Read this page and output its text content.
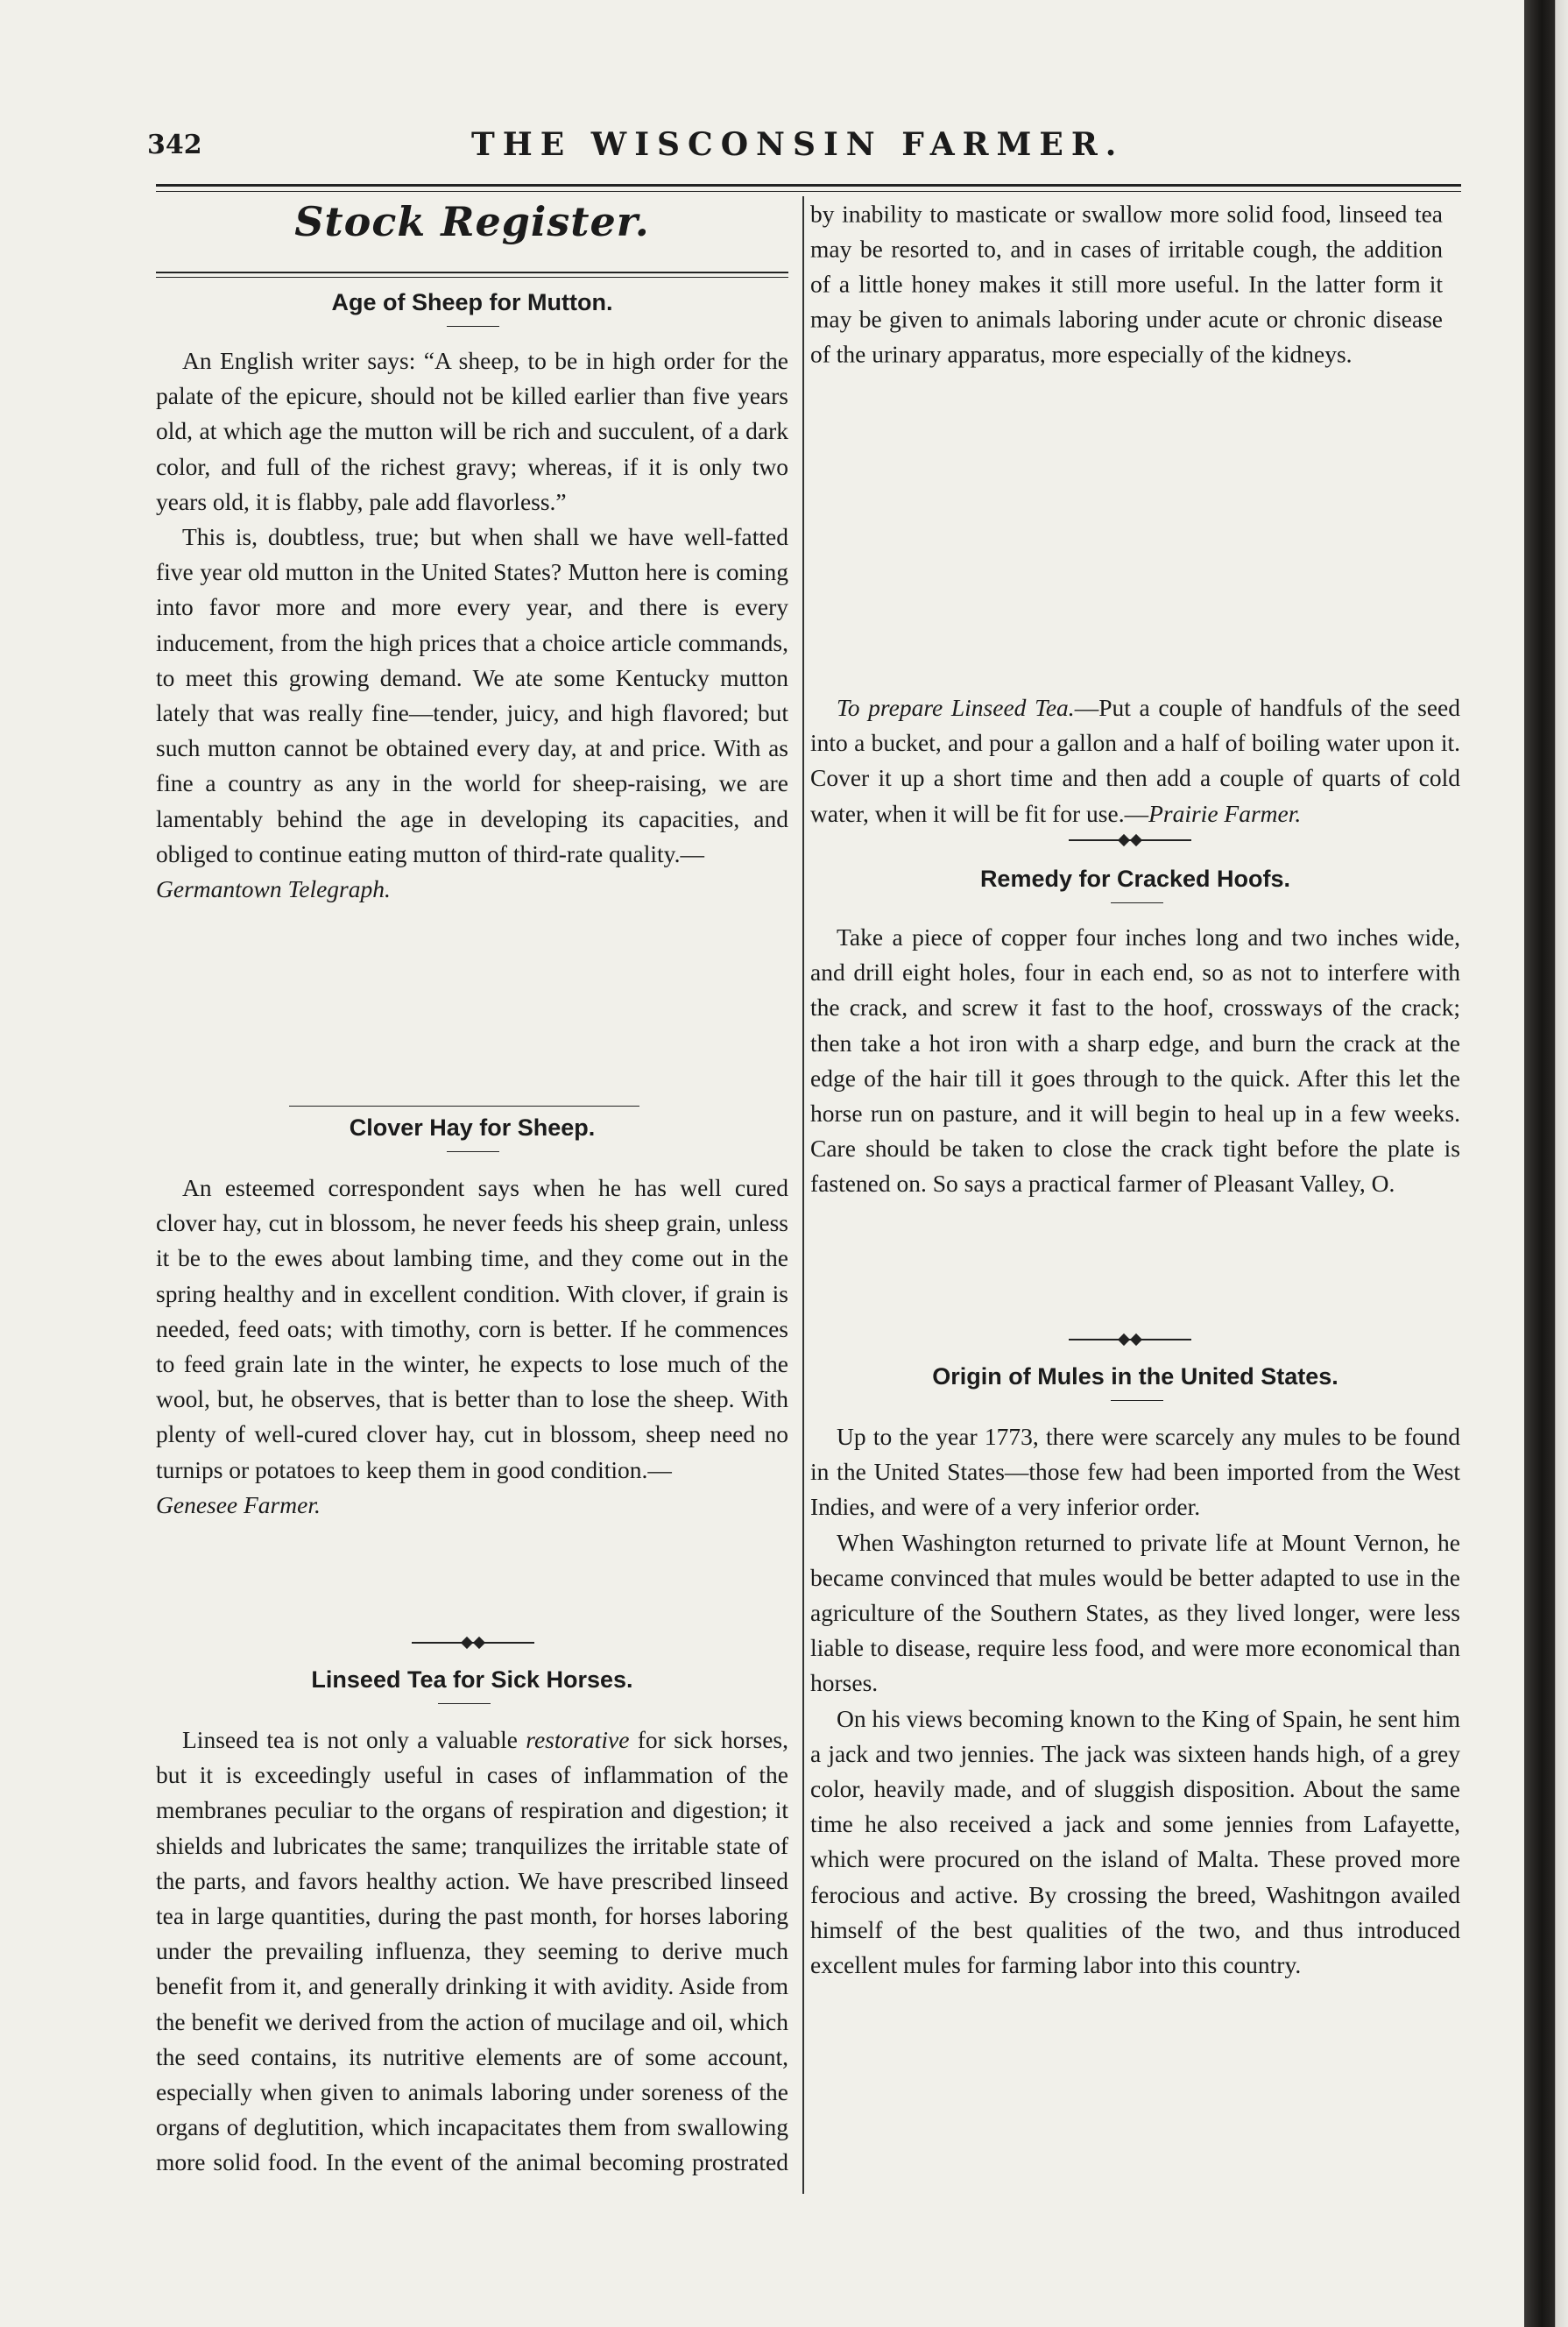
342	THE WISCONSIN FARMER.
Stock Register.
Age of Sheep for Mutton.

An English writer says: “A sheep, to be in high order for the palate of the epicure, should not be killed earlier than five years old, at which age the mutton will be rich and succulent, of a dark color, and full of the richest gravy; whereas, if it is only two years old, it is flabby, pale add flavorless.”

This is, doubtless, true; but when shall we have well-fatted five year old mutton in the United States? Mutton here is coming into favor more and more every year, and there is every inducement, from the high prices that a choice article commands, to meet this growing demand. We ate some Kentucky mutton lately that was really fine—tender, juicy, and high flavored; but such mutton cannot be obtained every day, at and price. With as fine a country as any in the world for sheep-raising, we are lamentably behind the age in developing its capacities, and obliged to continue eating mutton of third-rate quality.—

Germantown Telegraph.

Clover Hay for Sheep.

An esteemed correspondent says when he has well cured clover hay, cut in blossom, he never feeds his sheep grain, unless it be to the ewes about lambing time, and they come out in the spring healthy and in excellent condition. With clover, if grain is needed, feed oats; with timothy, corn is better. If he commences to feed grain late in the winter, he expects to lose much of the wool, but, he observes, that is better than to lose the sheep. With plenty of well-cured clover hay, cut in blossom, sheep need no turnips or potatoes to keep them in good condition.—

Genesee Farmer.

Linseed Tea for Sick Horses.

Linseed tea is not only a valuable restorative for sick horses, but it is exceedingly useful in cases of inflammation of the membranes peculiar to the organs of respiration and digestion; it shields and lubricates the same; tranquilizes the irritable state of the parts, and favors healthy action. We have prescribed linseed tea in large quantities, during the past month, for horses laboring under the prevailing influenza, they seeming to derive much benefit from it, and generally drinking it with avidity. Aside from the benefit we derived from the action of mucilage and oil, which the seed contains, its nutritive elements are of some account, especially when given to animals laboring under soreness of the organs of deglutition, which incapacitates them from swallowing more solid food. In the event of the animal becoming prostrated

by inability to masticate or swallow more solid food, linseed tea may be resorted to, and in cases of irritable cough, the addition of a little honey makes it still more useful. In the latter form it may be given to animals laboring under acute or chronic disease of the urinary apparatus, more especially of the kidneys.

To prepare Linseed Tea.—Put a couple of handfuls of the seed into a bucket, and pour a gallon and a half of boiling water upon it. Cover it up a short time and then add a couple of quarts of cold water, when it will be fit for use.—Prairie Farmer.

Remedy for Cracked Hoofs.

Take a piece of copper four inches long and two inches wide, and drill eight holes, four in each end, so as not to interfere with the crack, and screw it fast to the hoof, crossways of the crack; then take a hot iron with a sharp edge, and burn the crack at the edge of the hair till it goes through to the quick. After this let the horse run on pasture, and it will begin to heal up in a few weeks. Care should be taken to close the crack tight before the plate is fastened on. So says a practical farmer of Pleasant Valley, O.

Origin of Mules in the United States.

Up to the year 1773, there were scarcely any mules to be found in the United States—those few had been imported from the West Indies, and were of a very inferior order.

When Washington returned to private life at Mount Vernon, he became convinced that mules would be better adapted to use in the agriculture of the Southern States, as they lived longer, were less liable to disease, require less food, and were more economical than horses.

On his views becoming known to the King of Spain, he sent him a jack and two jennies. The jack was sixteen hands high, of a grey color, heavily made, and of sluggish disposition. About the same time he also received a jack and some jennies from Lafayette, which were procured on the island of Malta. These proved more ferocious and active. By crossing the breed, Washitngon availed himself of the best qualities of the two, and thus introduced excellent mules for farming labor into this country.
